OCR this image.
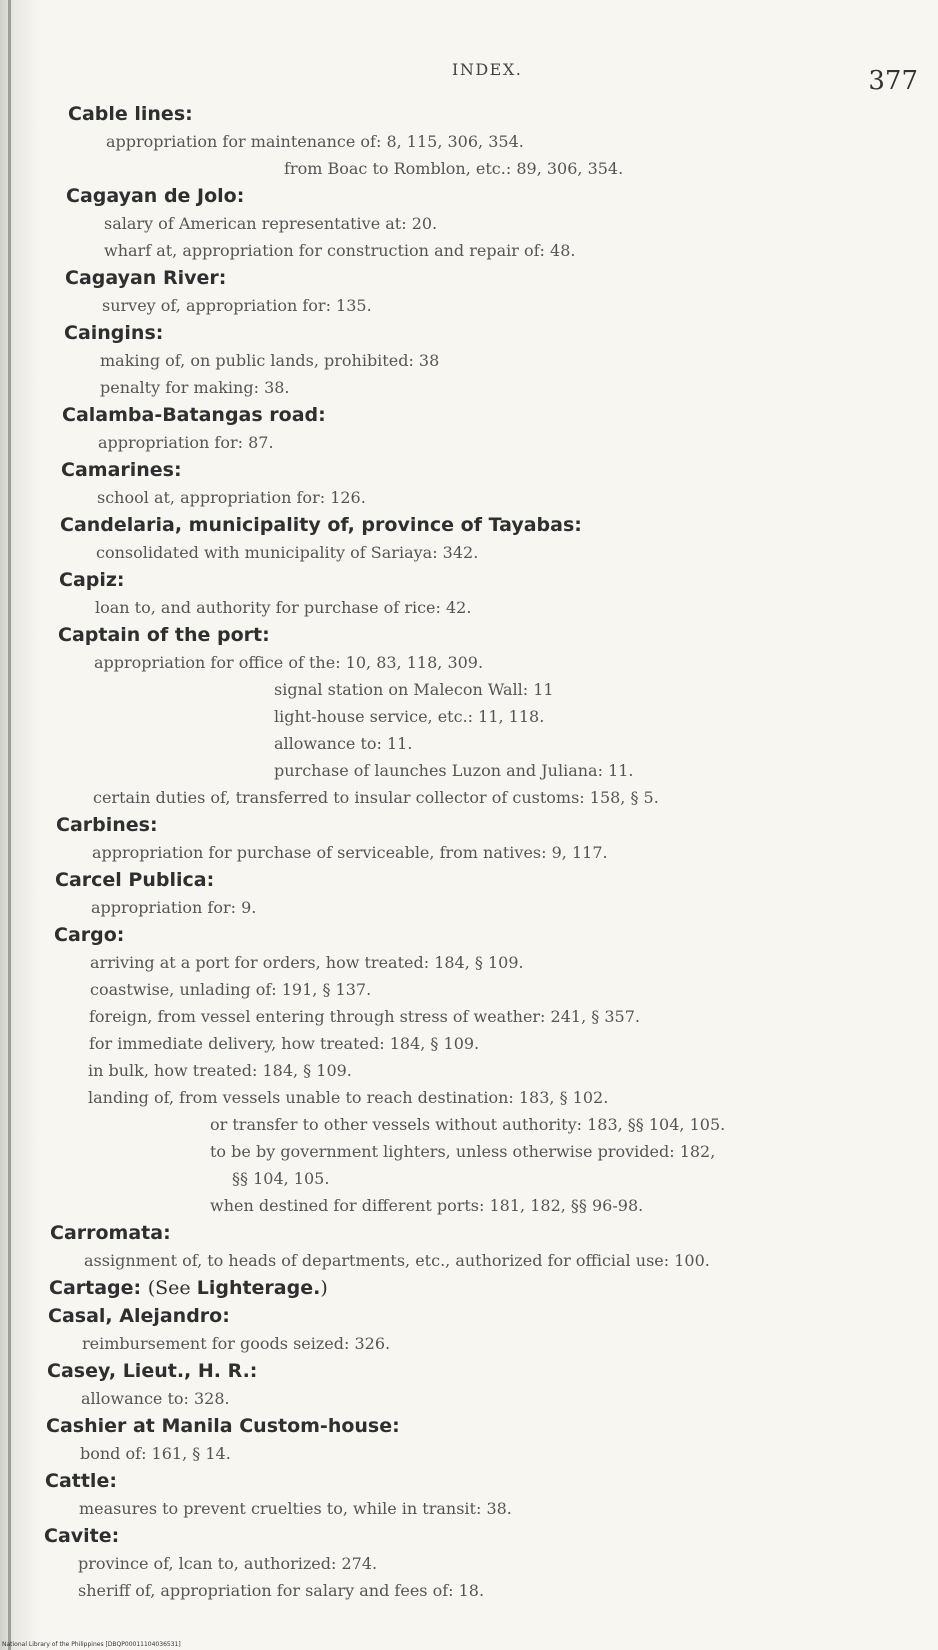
INDEX.	377
Cable lines:
appropriation for maintenance of: 8, 115, 306, 354.
from Boac to Romblon, etc.: 89, 306, 354.
Cagayan de Jolo:
salary of American representative at: 20.
wharf at, appropriation for construction and repair of: 48.
Cagayan River:
survey of, appropriation for: 135.
Caingins:
making of, on public lands, prohibited: 38
penalty for making: 38.
Calamba-Batangas road:
appropriation for: 87.
Camarines:
school at, appropriation for: 126.
Candelaria, municipality of, province of Tayabas:
consolidated with municipality of Sariaya: 342.
Capiz:
loan to, and authority for purchase of rice: 42.
Captain of the port:
appropriation for office of the: 10, 83, 118, 309.
signal station on Malecon Wall: 11
light-house service, etc.: 11, 118.
allowance to: 11.
purchase of launches Luzon and Juliana: 11.
certain duties of, transferred to insular collector of customs: 158, § 5.
Carbines:
appropriation for purchase of serviceable, from natives: 9, 117.
Carcel Publica:
appropriation for: 9.
Cargo:
arriving at a port for orders, how treated: 184, § 109.
coastwise, unlading of: 191, § 137.
foreign, from vessel entering through stress of weather: 241, § 357.
for immediate delivery, how treated: 184, § 109.
in bulk, how treated: 184, § 109.
landing of, from vessels unable to reach destination: 183, § 102.
or transfer to other vessels without authority: 183, §§ 104, 105.
to be by government lighters, unless otherwise provided: 182,
§§ 104, 105.
when destined for different ports: 181, 182, §§ 96-98.
Carromata:
assignment of, to heads of departments, etc., authorized for official use: 100.
Cartage: (See Lighterage.)
Casal, Alejandro:
reimbursement for goods seized: 326.
Casey, Lieut., H. R.:
allowance to: 328.
Cashier at Manila Custom-house:
bond of: 161, § 14.
Cattle:
measures to prevent cruelties to, while in transit: 38.
Cavite:
province of, lcan to, authorized: 274.
sheriff of, appropriation for salary and fees of: 18.
National Library of the Philippines [DBQP00011104036531]
